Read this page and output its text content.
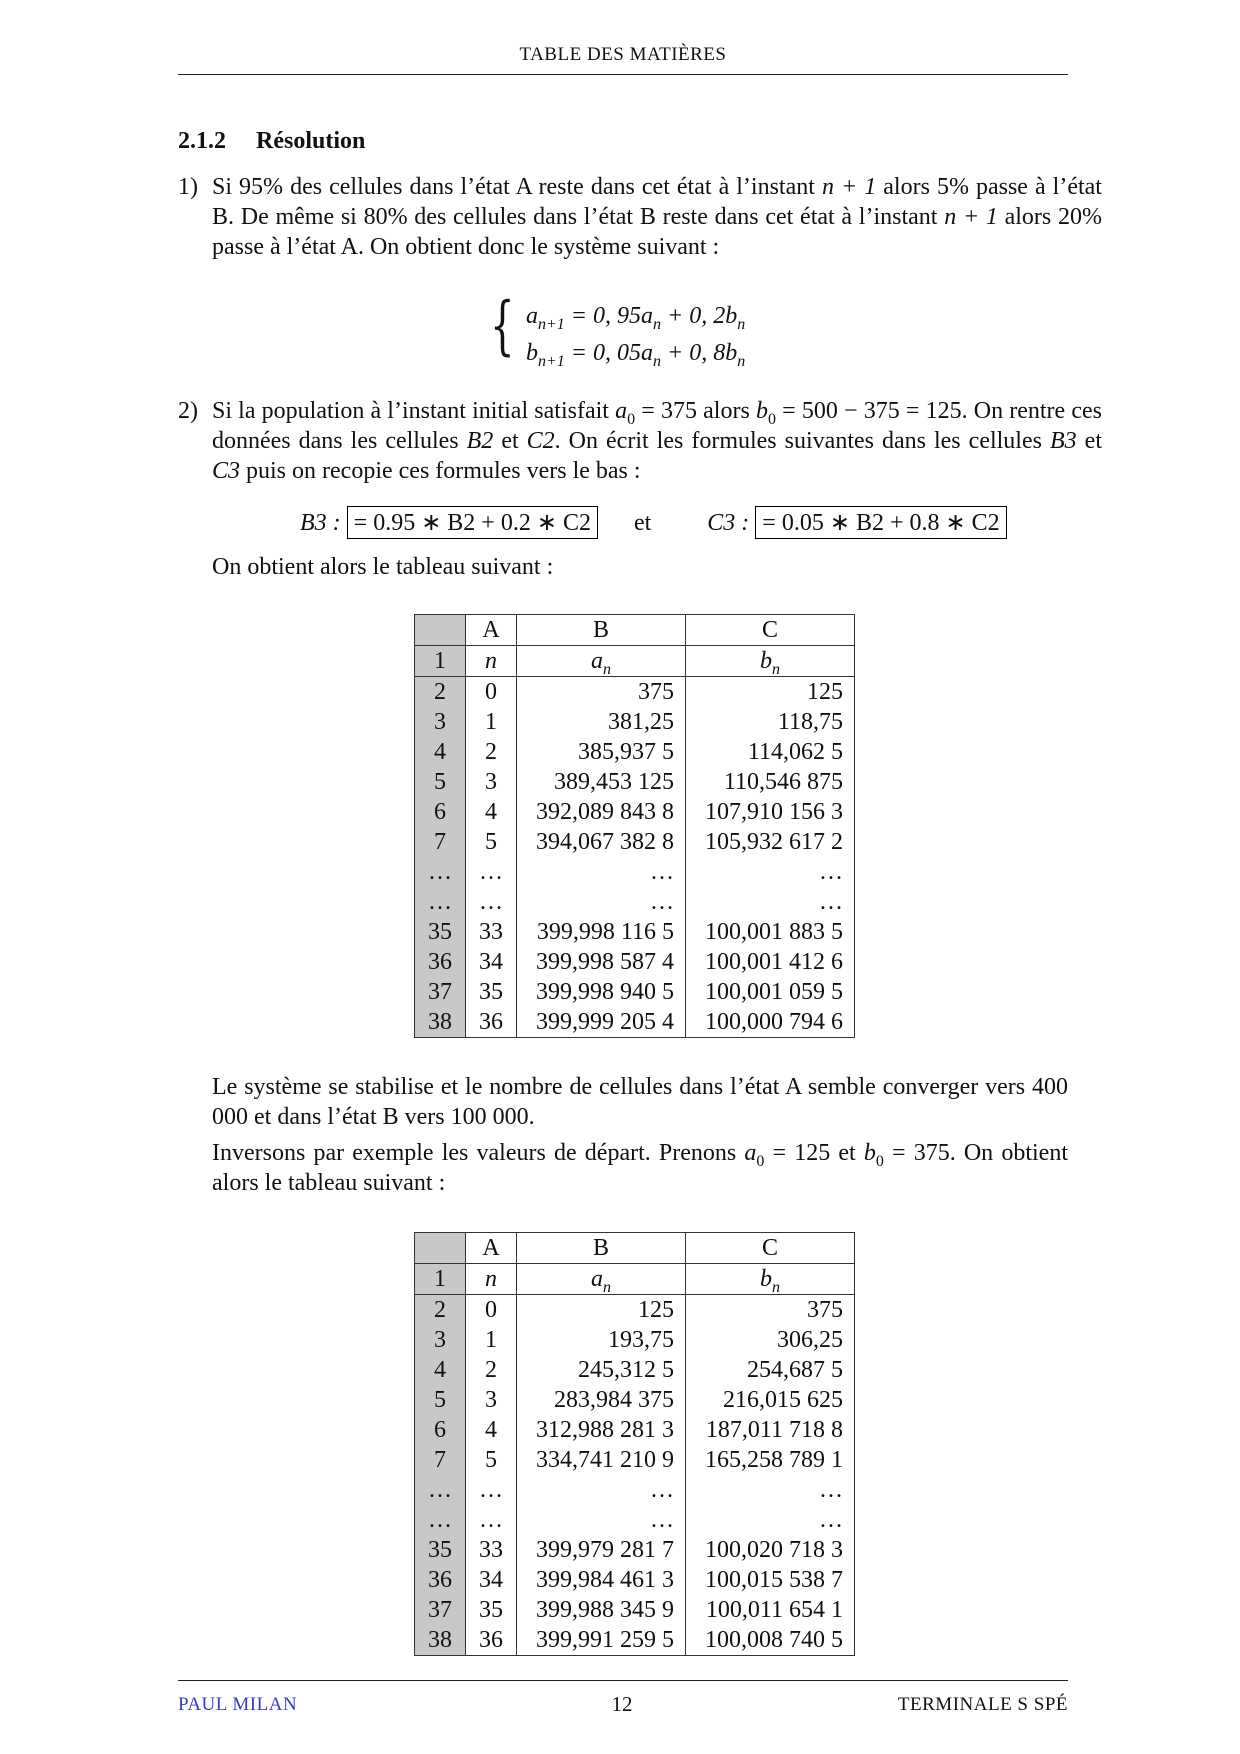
TABLE DES MATIÈRES
2.1.2 Résolution
1) Si 95% des cellules dans l’état A reste dans cet état à l’instant n + 1 alors 5% passe à l’état B. De même si 80% des cellules dans l’état B reste dans cet état à l’instant n + 1 alors 20% passe à l’état A. On obtient donc le système suivant :
{ $a_{n+1} = 0$, $95a_n + 0$, $2b_n$
$b_{n+1} = 0$, $05a_n + 0$, $8b_n$
2) Si la population à l’instant initial satisfait $a_0 = 375$ alors $b_0 = 500 - 375 = 125$. On rentre ces données dans les cellules B2 et C2. On écrit les formules suivantes dans les cellules B3 et C3 puis on recopie ces formules vers le bas :
B3 : = 0.95 ∗ B2 + 0.2 ∗ C2 et C3 : = 0.05 ∗ B2 + 0.8 ∗ C2
On obtient alors le tableau suivant :
	A	B	C
1	n	$a_n$	$b_n$
2	0	375	125
3	1	381,25	118,75
4	2	385,937 5	114,062 5
5	3	389,453 125	110,546 875
6	4	392,089 843 8	107,910 156 3
7	5	394,067 382 8	105,932 617 2
…	…	…	…
…	…	…	…
35	33	399,998 116 5	100,001 883 5
36	34	399,998 587 4	100,001 412 6
37	35	399,998 940 5	100,001 059 5
38	36	399,999 205 4	100,000 794 6
Le système se stabilise et le nombre de cellules dans l’état A semble converger vers 400 000 et dans l’état B vers 100 000.
Inversons par exemple les valeurs de départ. Prenons $a_0 = 125$ et $b_0 = 375$. On obtient alors le tableau suivant :
	A	B	C
1	n	$a_n$	$b_n$
2	0	125	375
3	1	193,75	306,25
4	2	245,312 5	254,687 5
5	3	283,984 375	216,015 625
6	4	312,988 281 3	187,011 718 8
7	5	334,741 210 9	165,258 789 1
…	…	…	…
…	…	…	…
35	33	399,979 281 7	100,020 718 3
36	34	399,984 461 3	100,015 538 7
37	35	399,988 345 9	100,011 654 1
38	36	399,991 259 5	100,008 740 5
PAUL MILAN	12	TERMINALE S SPÉ
